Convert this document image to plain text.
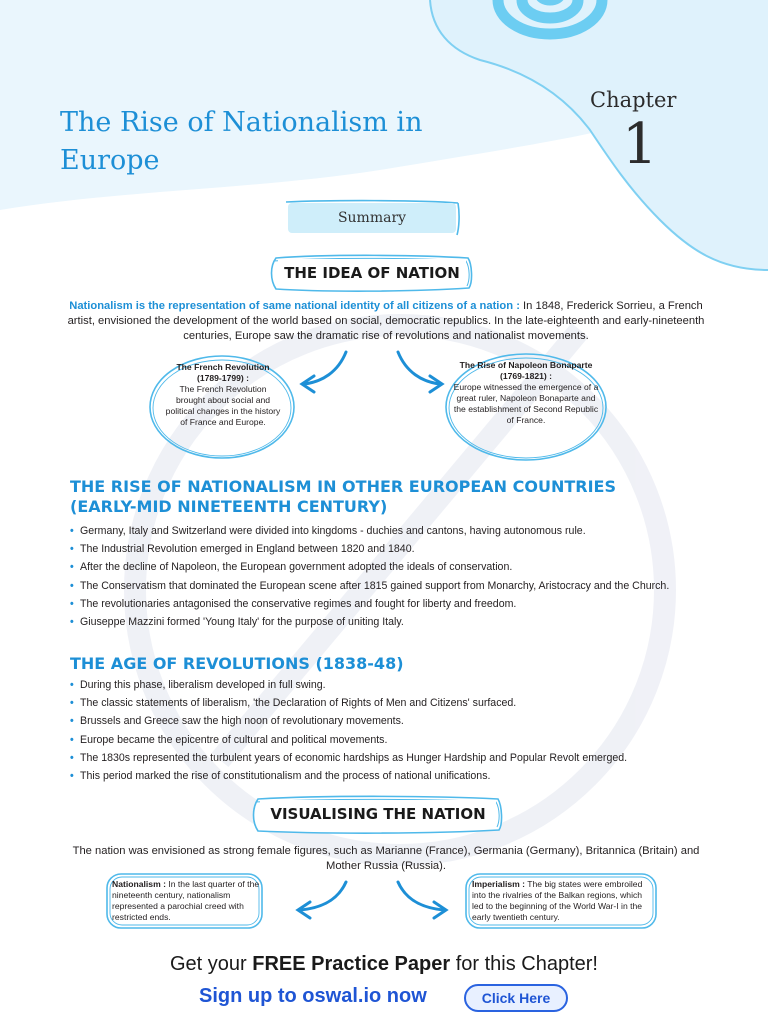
The Rise of Nationalism in
Europe
Chapter
1
Summary
THE IDEA OF NATION

Nationalism is the representation of same national identity of all citizens of a nation : In 1848, Frederick Sorrieu, a French artist, envisioned the development of the world based on social, democratic republics. In the late-eighteenth and early-nineteenth centuries, Europe saw the dramatic rise of revolutions and nationalist movements.

The French Revolution (1789-1799) :
The French Revolution brought about social and political changes in the history of France and Europe.
The Rise of Napoleon Bonaparte (1769-1821) :
Europe witnessed the emergence of a great ruler, Napoleon Bonaparte and the establishment of Second Republic of France.
THE RISE OF NATIONALISM IN OTHER EUROPEAN COUNTRIES
(EARLY-MID NINETEENTH CENTURY)
• Germany, Italy and Switzerland were divided into kingdoms - duchies and cantons, having autonomous rule.
• The Industrial Revolution emerged in England between 1820 and 1840.
• After the decline of Napoleon, the European government adopted the ideals of conservation.
• The Conservatism that dominated the European scene after 1815 gained support from Monarchy, Aristocracy and the Church.
• The revolutionaries antagonised the conservative regimes and fought for liberty and freedom.
• Giuseppe Mazzini formed 'Young Italy' for the purpose of uniting Italy.
THE AGE OF REVOLUTIONS (1838-48)
• During this phase, liberalism developed in full swing.
• The classic statements of liberalism, 'the Declaration of Rights of Men and Citizens' surfaced.
• Brussels and Greece saw the high noon of revolutionary movements.
• Europe became the epicentre of cultural and political movements.
• The 1830s represented the turbulent years of economic hardships as Hunger Hardship and Popular Revolt emerged.
• This period marked the rise of constitutionalism and the process of national unifications.
VISUALISING THE NATION

The nation was envisioned as strong female figures, such as Marianne (France), Germania (Germany), Britannica (Britain) and Mother Russia (Russia).

Nationalism : In the last quarter of the nineteenth century, nationalism represented a parochial creed with restricted ends.
Imperialism : The big states were embroiled into the rivalries of the Balkan regions, which led to the beginning of the World War-I in the early twentieth century.
Get your FREE Practice Paper for this Chapter!
Sign up to oswal.io now	Click Here
